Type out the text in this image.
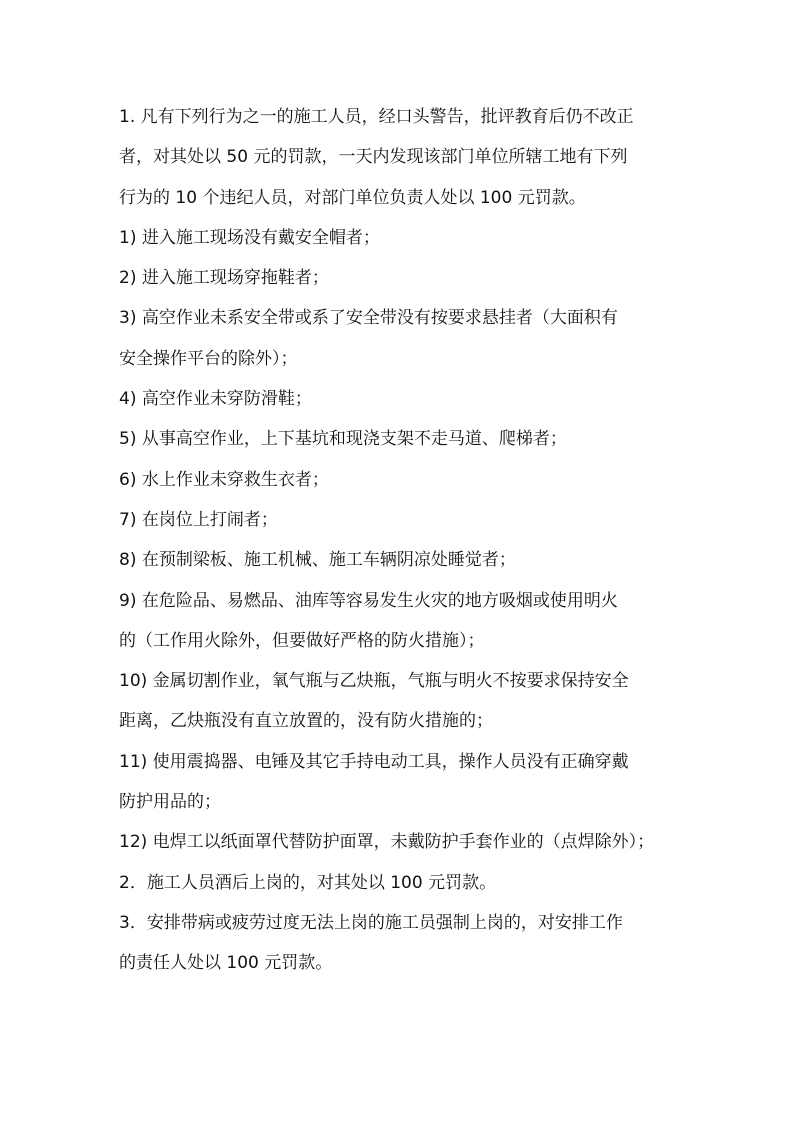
1. 凡有下列行为之一的施工人员，经口头警告，批评教育后仍不改正
者，对其处以 50 元的罚款，一天内发现该部门单位所辖工地有下列
行为的 10 个违纪人员，对部门单位负责人处以 100 元罚款。
1) 进入施工现场没有戴安全帽者；
2) 进入施工现场穿拖鞋者；
3) 高空作业未系安全带或系了安全带没有按要求悬挂者（大面积有
安全操作平台的除外）；
4) 高空作业未穿防滑鞋；
5) 从事高空作业，上下基坑和现浇支架不走马道、爬梯者；
6) 水上作业未穿救生衣者；
7) 在岗位上打闹者；
8) 在预制梁板、施工机械、施工车辆阴凉处睡觉者；
9) 在危险品、易燃品、油库等容易发生火灾的地方吸烟或使用明火
的（工作用火除外，但要做好严格的防火措施）；
10) 金属切割作业，氧气瓶与乙炔瓶，气瓶与明火不按要求保持安全
距离，乙炔瓶没有直立放置的，没有防火措施的；
11) 使用震捣器、电锤及其它手持电动工具，操作人员没有正确穿戴
防护用品的；
12) 电焊工以纸面罩代替防护面罩，未戴防护手套作业的（点焊除外）；
2．施工人员酒后上岗的，对其处以 100 元罚款。
3．安排带病或疲劳过度无法上岗的施工员强制上岗的，对安排工作
的责任人处以 100 元罚款。
